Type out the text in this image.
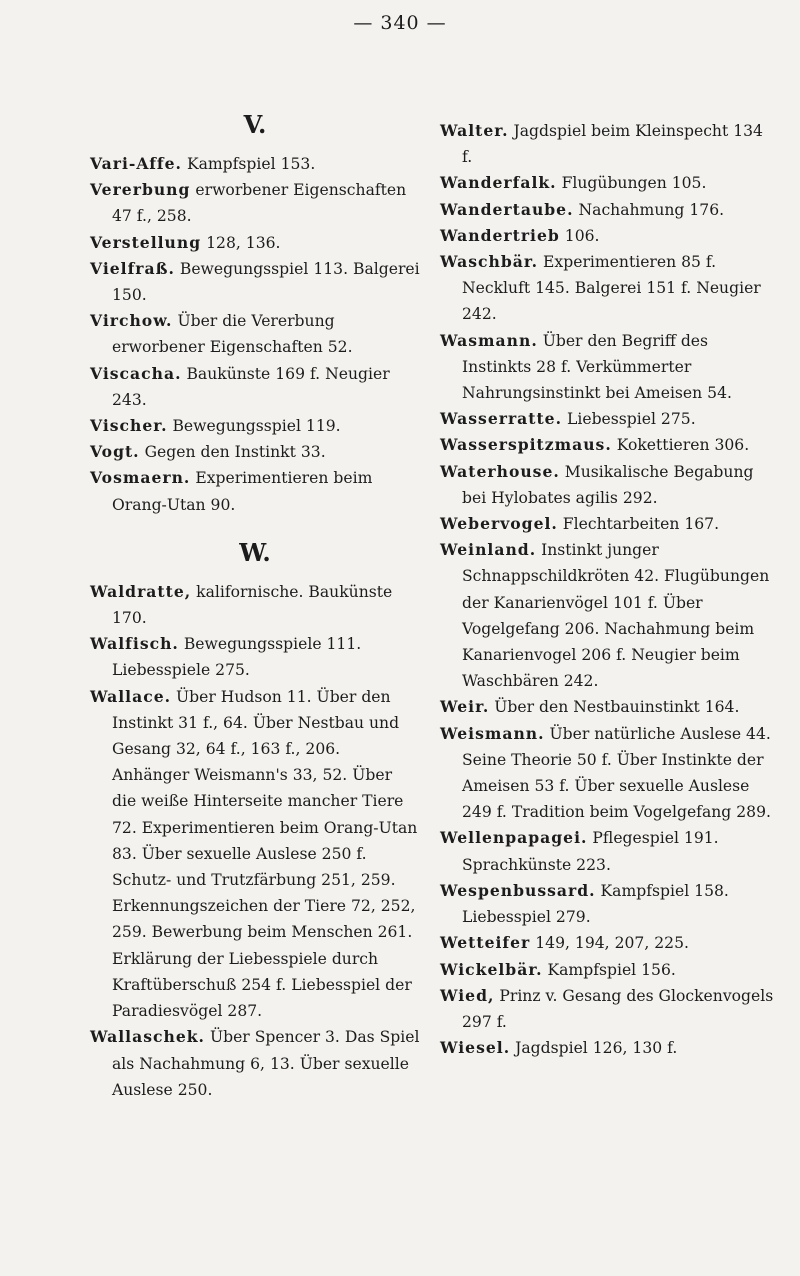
— 340 —
V.

Vari-Affe. Kampfspiel 153.

Vererbung erworbener Eigenschaften 47 f., 258.

Verstellung 128, 136.

Vielfraß. Bewegungsspiel 113. Balgerei 150.

Virchow. Über die Vererbung erworbener Eigenschaften 52.

Viscacha. Baukünste 169 f. Neugier 243.

Vischer. Bewegungsspiel 119.

Vogt. Gegen den Instinkt 33.

Vosmaern. Experimentieren beim Orang-Utan 90.

W.

Waldratte, kalifornische. Baukünste 170.

Walfisch. Bewegungsspiele 111. Liebesspiele 275.

Wallace. Über Hudson 11. Über den Instinkt 31 f., 64. Über Nestbau und Gesang 32, 64 f., 163 f., 206. Anhänger Weismann's 33, 52. Über die weiße Hinterseite mancher Tiere 72. Experimentieren beim Orang-Utan 83. Über sexuelle Auslese 250 f. Schutz- und Trutzfärbung 251, 259. Erkennungszeichen der Tiere 72, 252, 259. Bewerbung beim Menschen 261. Erklärung der Liebesspiele durch Kraftüberschuß 254 f. Liebesspiel der Paradiesvögel 287.

Wallaschek. Über Spencer 3. Das Spiel als Nachahmung 6, 13. Über sexuelle Auslese 250.

Walter. Jagdspiel beim Kleinspecht 134 f.

Wanderfalk. Flugübungen 105.

Wandertaube. Nachahmung 176.

Wandertrieb 106.

Waschbär. Experimentieren 85 f. Neckluft 145. Balgerei 151 f. Neugier 242.

Wasmann. Über den Begriff des Instinkts 28 f. Verkümmerter Nahrungsinstinkt bei Ameisen 54.

Wasserratte. Liebesspiel 275.

Wasserspitzmaus. Kokettieren 306.

Waterhouse. Musikalische Begabung bei Hylobates agilis 292.

Webervogel. Flechtarbeiten 167.

Weinland. Instinkt junger Schnappschildkröten 42. Flugübungen der Kanarienvögel 101 f. Über Vogelgefang 206. Nachahmung beim Kanarienvogel 206 f. Neugier beim Waschbären 242.

Weir. Über den Nestbauinstinkt 164.

Weismann. Über natürliche Auslese 44. Seine Theorie 50 f. Über Instinkte der Ameisen 53 f. Über sexuelle Auslese 249 f. Tradition beim Vogelgefang 289.

Wellenpapagei. Pflegespiel 191. Sprachkünste 223.

Wespenbussard. Kampfspiel 158. Liebesspiel 279.

Wetteifer 149, 194, 207, 225.

Wickelbär. Kampfspiel 156.

Wied, Prinz v. Gesang des Glockenvogels 297 f.

Wiesel. Jagdspiel 126, 130 f.
